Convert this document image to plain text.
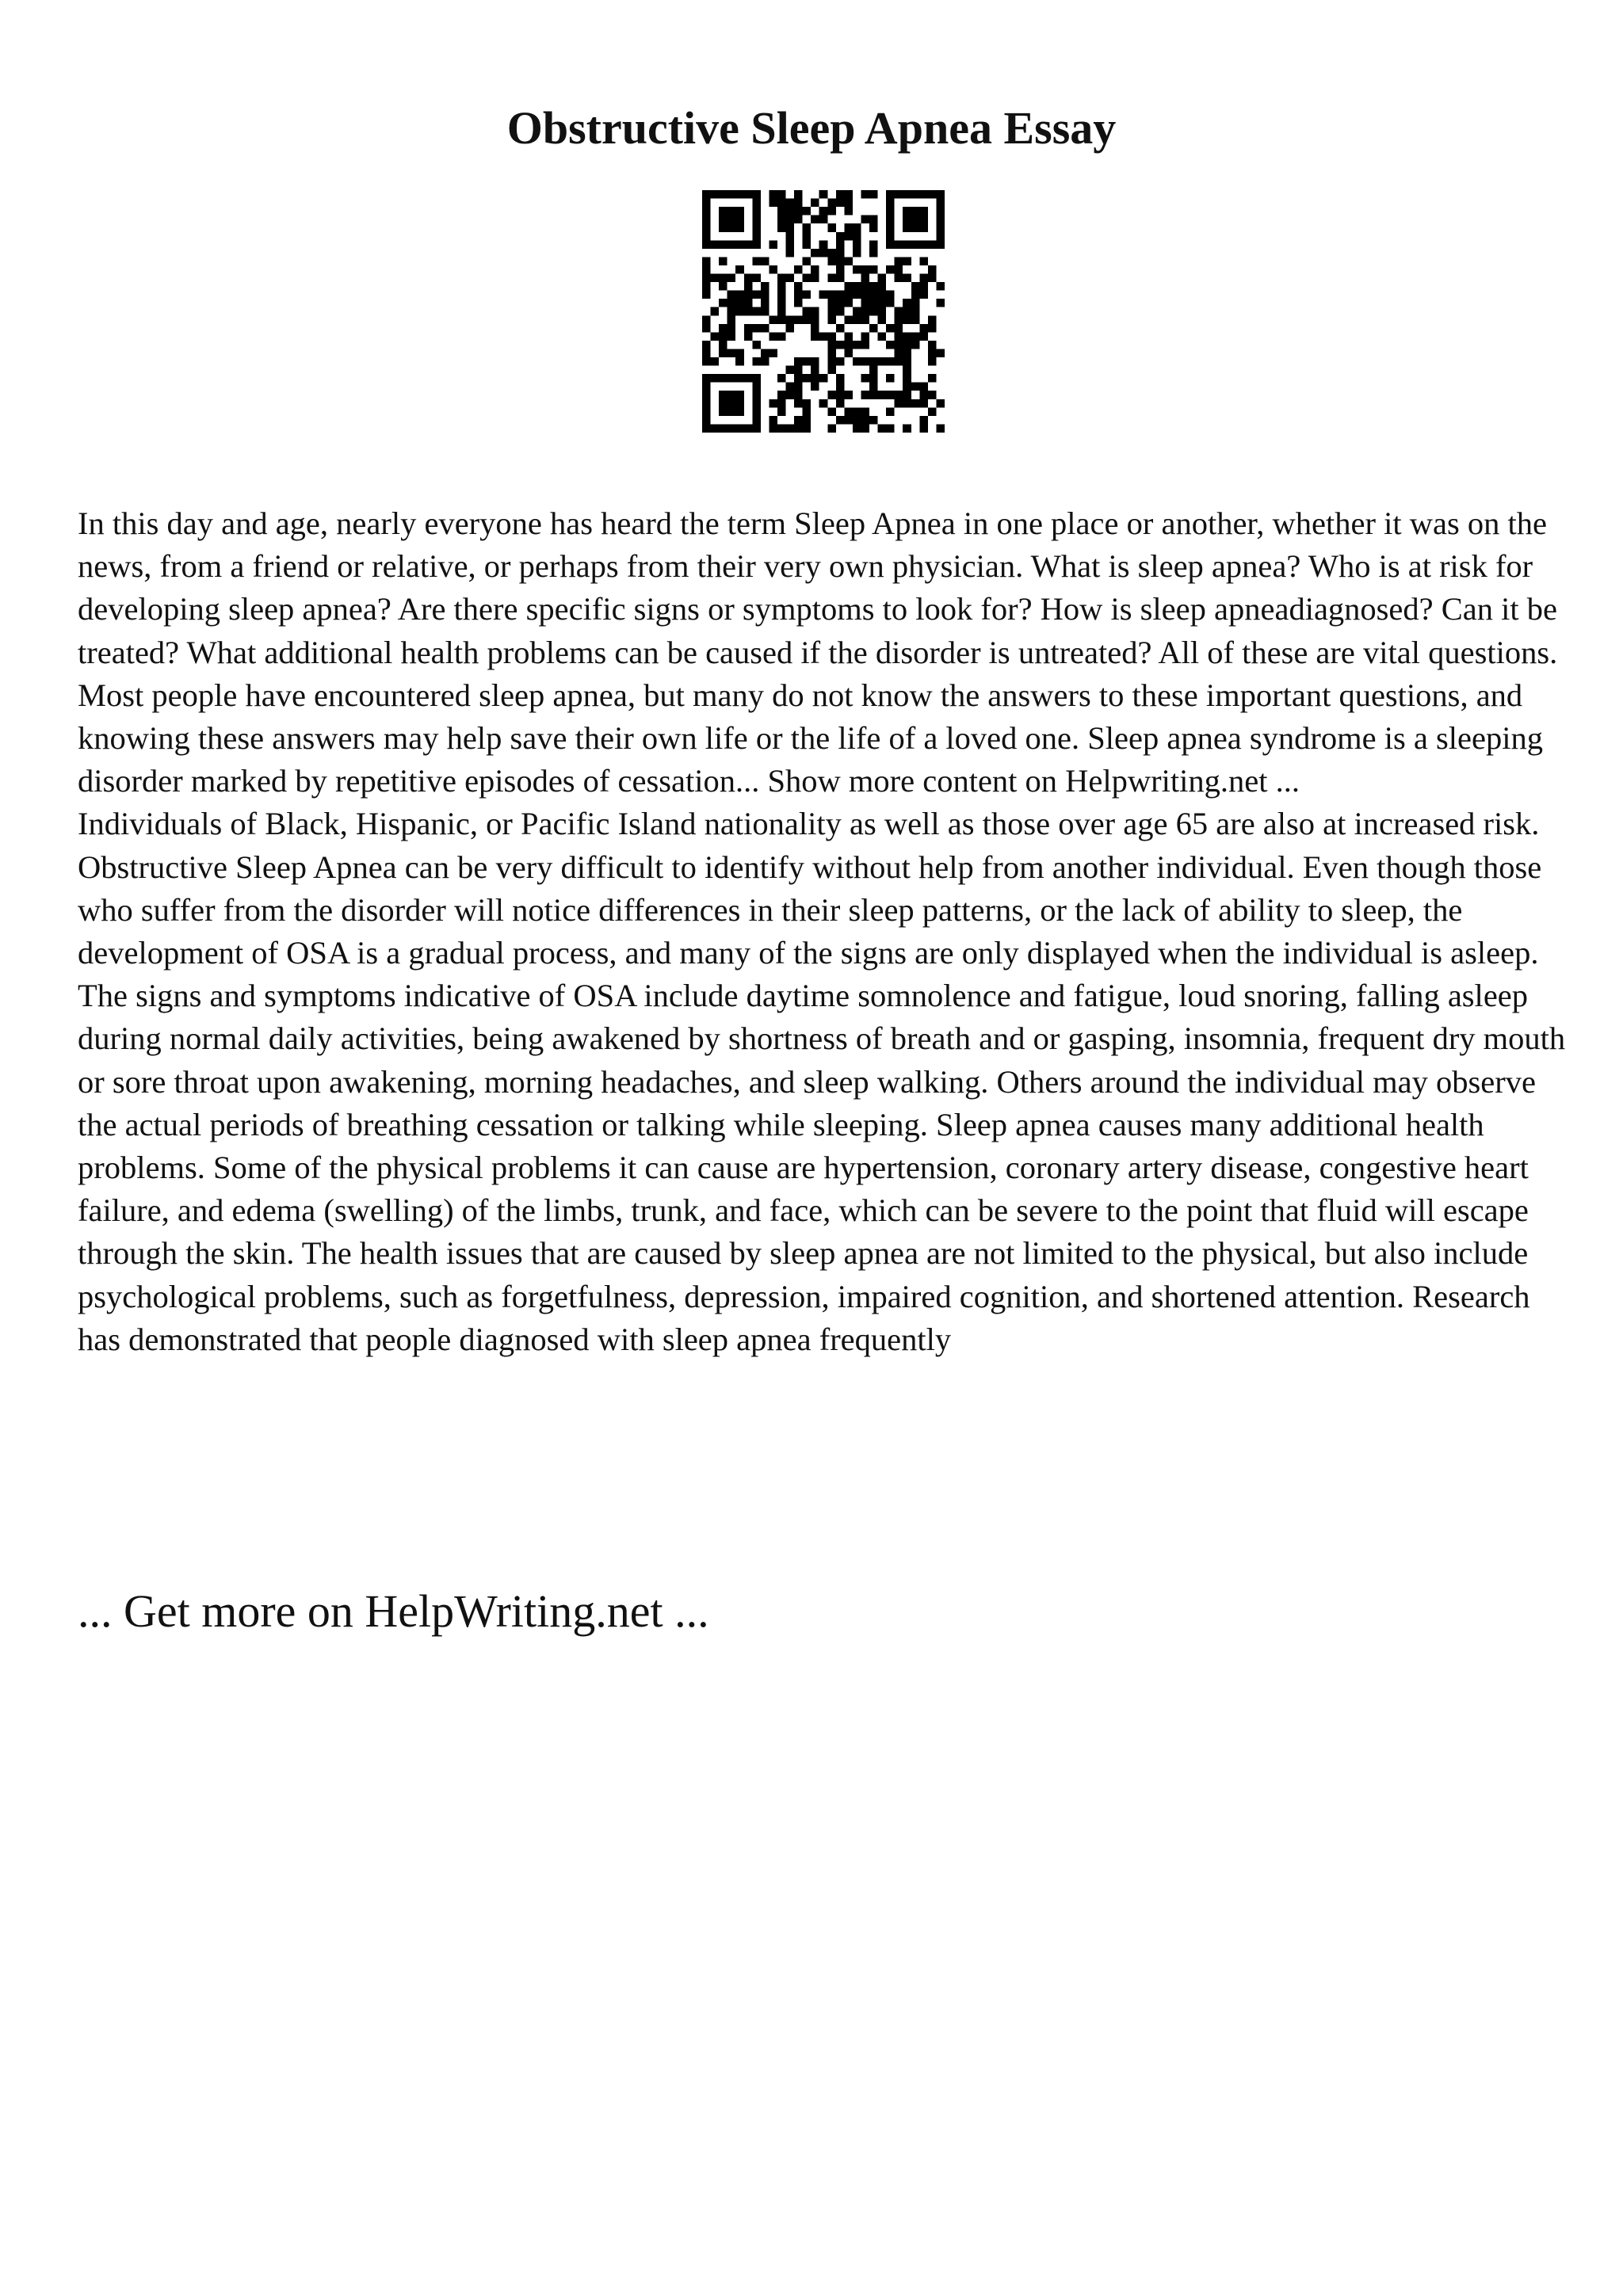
Obstructive Sleep Apnea Essay

In this day and age, nearly everyone has heard the term Sleep Apnea in one place or another, whether it was on the news, from a friend or relative, or perhaps from their very own physician. What is sleep apnea? Who is at risk for developing sleep apnea? Are there specific signs or symptoms to look for? How is sleep apneadiagnosed? Can it be treated? What additional health problems can be caused if the disorder is untreated? All of these are vital questions. Most people have encountered sleep apnea, but many do not know the answers to these important questions, and knowing these answers may help save their own life or the life of a loved one. Sleep apnea syndrome is a sleeping disorder marked by repetitive episodes of cessation... Show more content on Helpwriting.net ...

Individuals of Black, Hispanic, or Pacific Island nationality as well as those over age 65 are also at increased risk. Obstructive Sleep Apnea can be very difficult to identify without help from another individual. Even though those who suffer from the disorder will notice differences in their sleep patterns, or the lack of ability to sleep, the development of OSA is a gradual process, and many of the signs are only displayed when the individual is asleep. The signs and symptoms indicative of OSA include daytime somnolence and fatigue, loud snoring, falling asleep during normal daily activities, being awakened by shortness of breath and or gasping, insomnia, frequent dry mouth or sore throat upon awakening, morning headaches, and sleep walking. Others around the individual may observe the actual periods of breathing cessation or talking while sleeping. Sleep apnea causes many additional health problems. Some of the physical problems it can cause are hypertension, coronary artery disease, congestive heart failure, and edema (swelling) of the limbs, trunk, and face, which can be severe to the point that fluid will escape through the skin. The health issues that are caused by sleep apnea are not limited to the physical, but also include psychological problems, such as forgetfulness, depression, impaired cognition, and shortened attention. Research has demonstrated that people diagnosed with sleep apnea frequently

... Get more on HelpWriting.net ...
